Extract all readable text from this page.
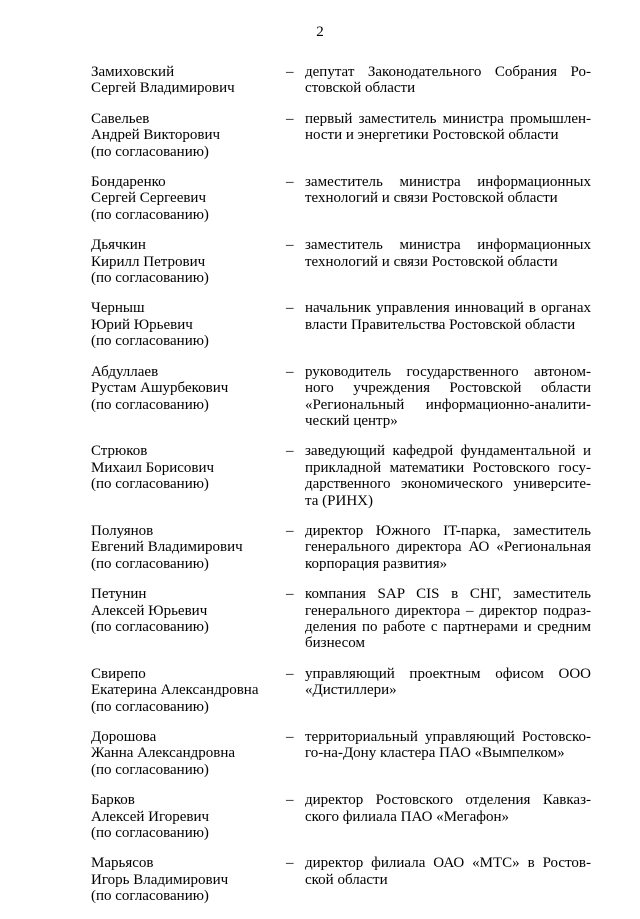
2
Замиховский
Сергей Владимирович
– депутат Законодательного Собрания Ро-
стовской области
Савельев
Андрей Викторович
(по согласованию)
– первый заместитель министра промышлен-
ности и энергетики Ростовской области
Бондаренко
Сергей Сергеевич
(по согласованию)
– заместитель министра информационных
технологий и связи Ростовской области
Дьячкин
Кирилл Петрович
(по согласованию)
– заместитель министра информационных
технологий и связи Ростовской области
Черныш
Юрий Юрьевич
(по согласованию)
– начальник управления инноваций в органах
власти Правительства Ростовской области
Абдуллаев
Рустам Ашурбекович
(по согласованию)
– руководитель государственного автоном-
ного учреждения Ростовской области
«Региональный информационно-аналити-
ческий центр»
Стрюков
Михаил Борисович
(по согласованию)
– заведующий кафедрой фундаментальной и
прикладной математики Ростовского госу-
дарственного экономического университе-
та (РИНХ)
Полуянов
Евгений Владимирович
(по согласованию)
– директор Южного IT-парка, заместитель
генерального директора АО «Региональная
корпорация развития»
Петунин
Алексей Юрьевич
(по согласованию)
– компания SAP CIS в СНГ, заместитель
генерального директора – директор подраз-
деления по работе с партнерами и средним
бизнесом
Свирепо
Екатерина Александровна
(по согласованию)
– управляющий проектным офисом ООО
«Дистиллери»
Дорошова
Жанна Александровна
(по согласованию)
– территориальный управляющий Ростовско-
го-на-Дону кластера ПАО «Вымпелком»
Барков
Алексей Игоревич
(по согласованию)
– директор Ростовского отделения Кавказ-
ского филиала ПАО «Мегафон»
Марьясов
Игорь Владимирович
(по согласованию)
– директор филиала ОАО «МТС» в Ростов-
ской области
